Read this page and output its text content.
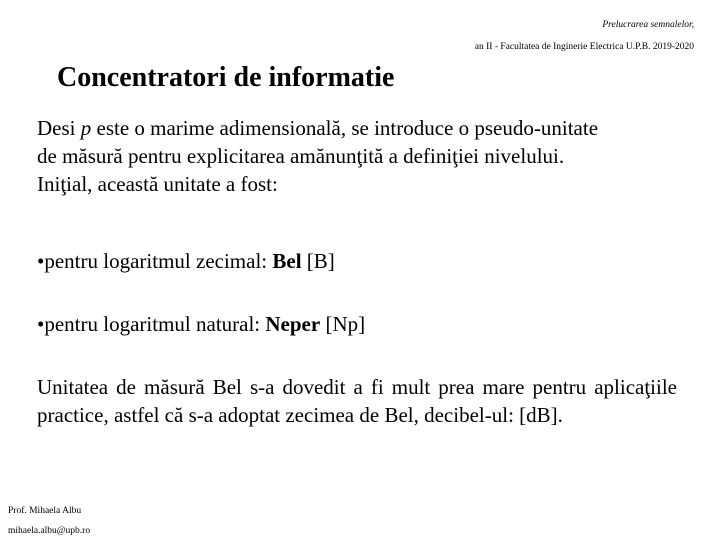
Prelucrarea semnalelor,
an II - Facultatea de Inginerie Electrica U.P.B. 2019-2020
Concentratori de informatie

Desi p este o marime adimensională, se introduce o pseudo-unitate
de măsură pentru explicitarea amănunţită a definiţiei nivelului.
Iniţial, această unitate a fost:

•pentru logaritmul zecimal: Bel [B]

•pentru logaritmul natural: Neper [Np]

Unitatea de măsură Bel s-a dovedit a fi mult prea mare pentru aplicaţiile practice, astfel că s-a adoptat zecimea de Bel, decibel-ul: [dB].

Prof. Mihaela Albu
mihaela.albu@upb.ro
